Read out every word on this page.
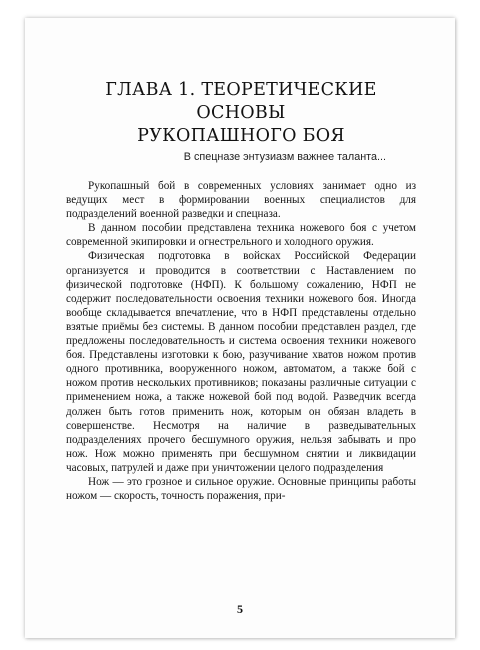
ГЛАВА 1. ТЕОРЕТИЧЕСКИЕ ОСНОВЫ
РУКОПАШНОГО БОЯ
В спецназе энтузиазм важнее таланта...

Рукопашный бой в современных условиях занимает одно из ведущих мест в формировании военных специалистов для подразделений военной разведки и спецназа.

В данном пособии представлена техника ножевого боя с учетом современной экипировки и огнестрельного и холодного оружия.

Физическая подготовка в войсках Российской Федерации организуется и проводится в соответствии с Наставлением по физической подготовке (НФП). К большому сожалению, НФП не содержит последовательности освоения техники ножевого боя. Иногда вообще складывается впечатление, что в НФП представлены отдельно взятые приёмы без системы. В данном пособии представлен раздел, где предложены последовательность и система освоения техники ножевого боя. Представлены изготовки к бою, разучивание хватов ножом против одного противника, вооруженного ножом, автоматом, а также бой с ножом против нескольких противников; показаны различные ситуации с применением ножа, а также ножевой бой под водой. Разведчик всегда должен быть готов применить нож, которым он обязан владеть в совершенстве. Несмотря на наличие в разведывательных подразделениях прочего бесшумного оружия, нельзя забывать и про нож. Нож можно применять при бесшумном снятии и ликвидации часовых, патрулей и даже при уничтожении целого подразделения

Нож — это грозное и сильное оружие. Основные принципы работы ножом — скорость, точность поражения, при-

5
